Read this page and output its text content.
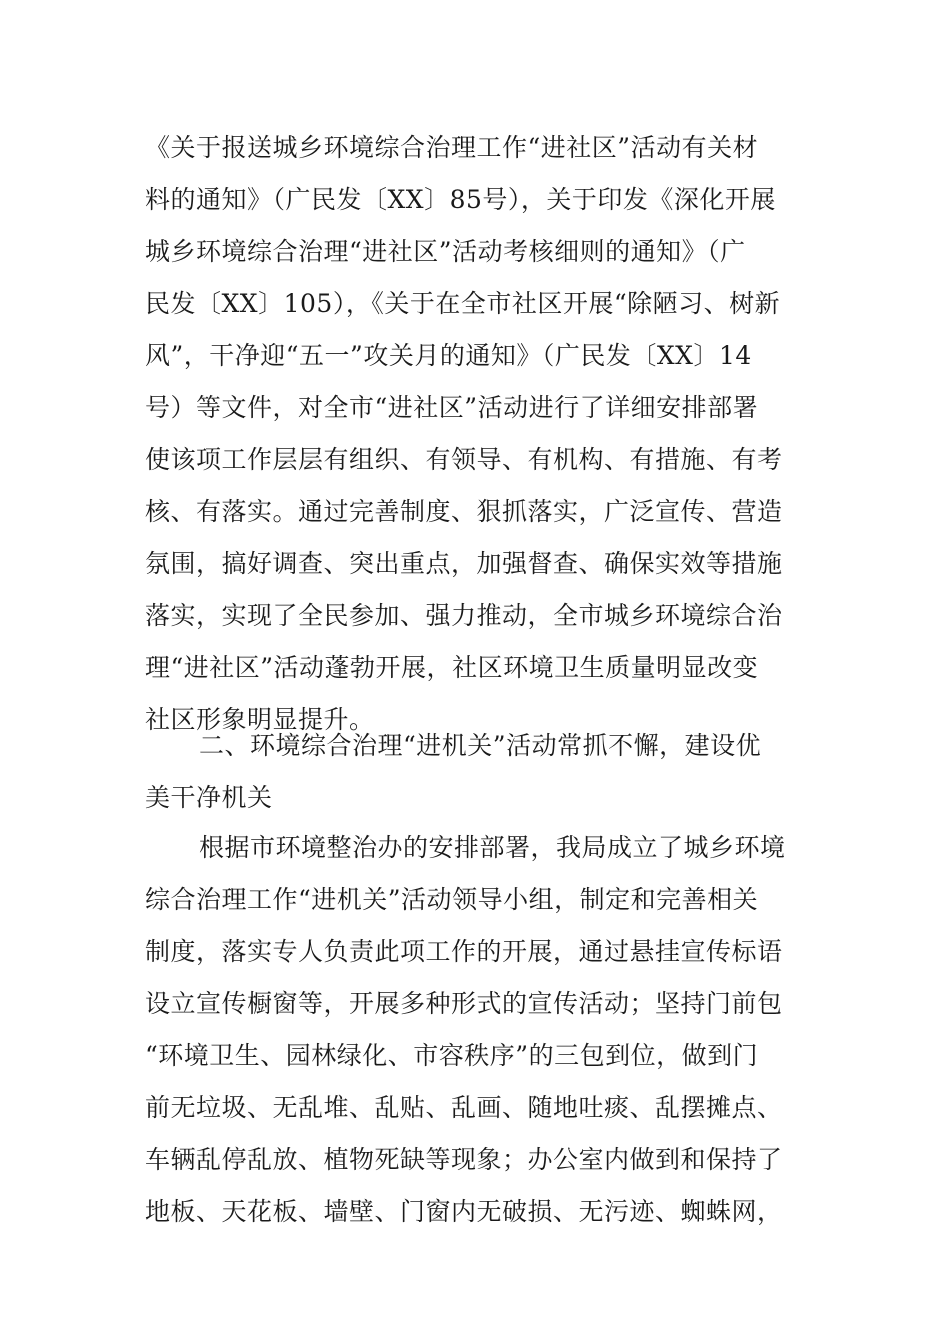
《关于报送城乡环境综合治理工作“进社区”活动有关材
料的通知》（广民发〔XX〕85号），关于印发《深化开展
城乡环境综合治理“进社区”活动考核细则的通知》（广
民发〔XX〕105），《关于在全市社区开展“除陋习、树新
风”，干净迎“五一”攻关月的通知》（广民发〔XX〕14
号）等文件，对全市“进社区”活动进行了详细安排部署
使该项工作层层有组织、有领导、有机构、有措施、有考
核、有落实。通过完善制度、狠抓落实，广泛宣传、营造
氛围，搞好调查、突出重点，加强督查、确保实效等措施
落实，实现了全民参加、强力推动，全市城乡环境综合治
理“进社区”活动蓬勃开展，社区环境卫生质量明显改变
社区形象明显提升。
二、环境综合治理“进机关”活动常抓不懈，建设优
美干净机关
根据市环境整治办的安排部署，我局成立了城乡环境
综合治理工作“进机关”活动领导小组，制定和完善相关
制度，落实专人负责此项工作的开展，通过悬挂宣传标语
设立宣传橱窗等，开展多种形式的宣传活动；坚持门前包
“环境卫生、园林绿化、市容秩序”的三包到位，做到门
前无垃圾、无乱堆、乱贴、乱画、随地吐痰、乱摆摊点、
车辆乱停乱放、植物死缺等现象；办公室内做到和保持了
地板、天花板、墙壁、门窗内无破损、无污迹、蜘蛛网，
